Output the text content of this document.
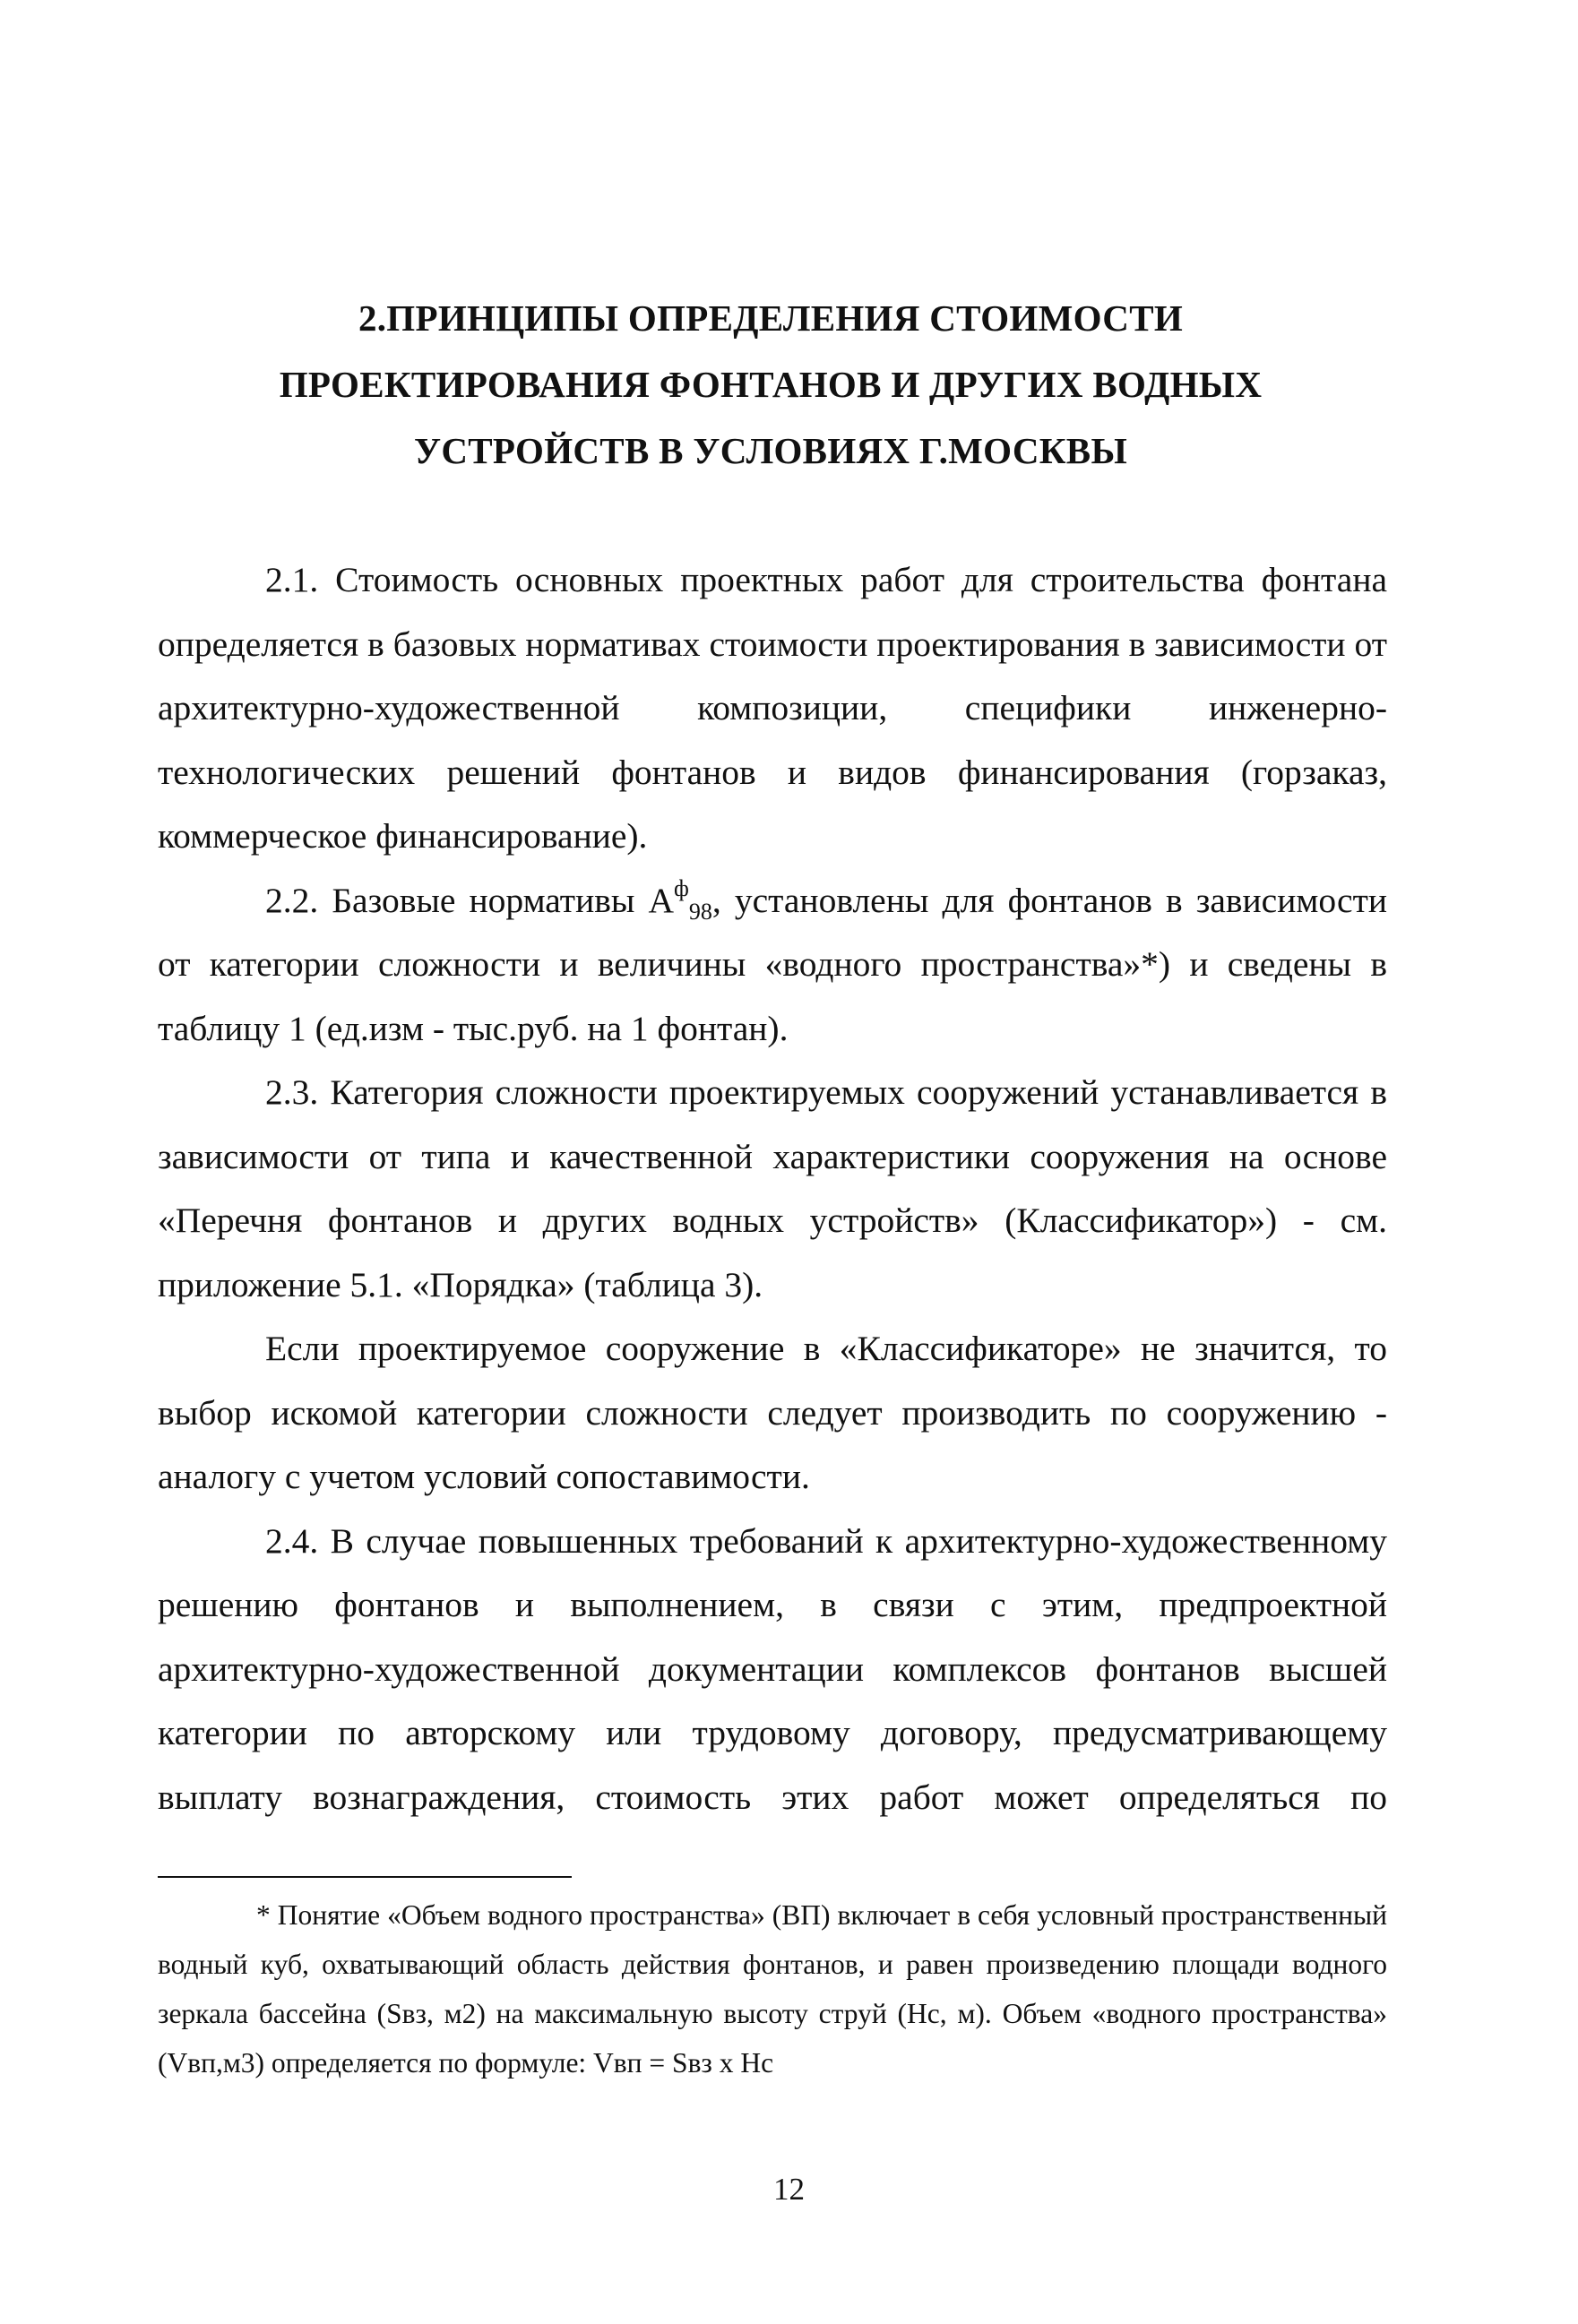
2.ПРИНЦИПЫ ОПРЕДЕЛЕНИЯ СТОИМОСТИ
ПРОЕКТИРОВАНИЯ ФОНТАНОВ И ДРУГИХ ВОДНЫХ
УСТРОЙСТВ В УСЛОВИЯХ Г.МОСКВЫ

2.1. Стоимость основных проектных работ для строительства фонтана определяется в базовых нормативах стоимости проектирования в зависимости от архитектурно-художественной композиции, специфики инженерно-технологических решений фонтанов и видов финансирования (горзаказ, коммерческое финансирование).

2.2. Базовые нормативы $А^ф_{98}$, установлены для фонтанов в зависимости от категории сложности и величины «водного пространства»*) и сведены в таблицу 1 (ед.изм - тыс.руб. на 1 фонтан).

2.3. Категория сложности проектируемых сооружений устанавливается в зависимости от типа и качественной характеристики сооружения на основе «Перечня фонтанов и других водных устройств» (Классификатор») - см. приложение 5.1. «Порядка» (таблица 3).

Если проектируемое сооружение в «Классификаторе» не значится, то выбор искомой категории сложности следует производить по сооружению - аналогу с учетом условий сопоставимости.

2.4. В случае повышенных требований к архитектурно-художественному решению фонтанов и выполнением, в связи с этим, предпроектной архитектурно-художественной документации комплексов фонтанов высшей категории по авторскому или трудовому договору, предусматривающему выплату вознаграждения, стоимость этих работ может определяться по

* Понятие «Объем водного пространства» (ВП) включает в себя условный пространственный водный куб, охватывающий область действия фонтанов, и равен произведению площади водного зеркала бассейна (Sвз, м2) на максимальную высоту струй (Нс, м). Объем «водного пространства» (Vвп,м3) определяется по формуле: Vвп = Sвз х Нс
12
